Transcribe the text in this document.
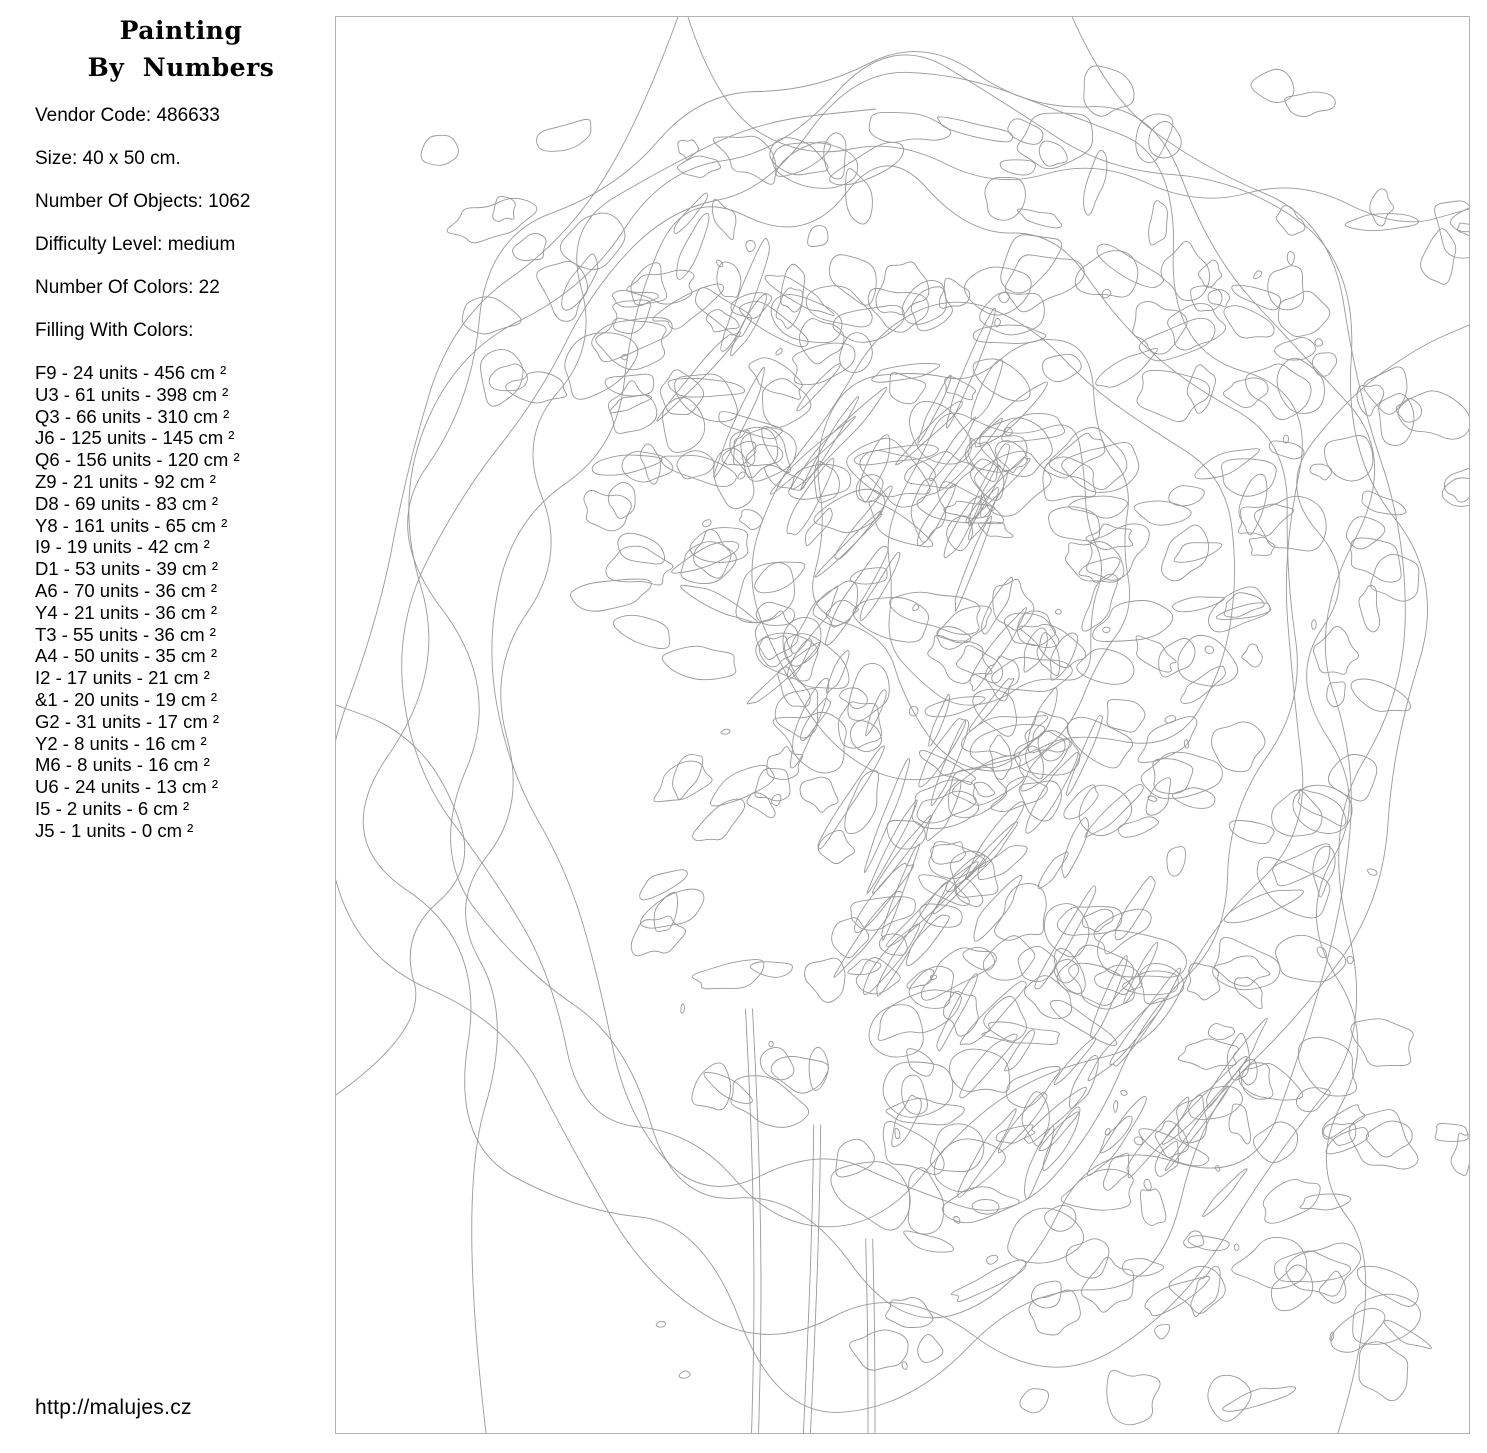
Painting
By  Numbers
Vendor Code: 486633
Size: 40 x 50 cm.
Number Of Objects: 1062
Difficulty Level: medium
Number Of Colors: 22
Filling With Colors:
F9 - 24 units - 456 cm ²
U3 - 61 units - 398 cm ²
Q3 - 66 units - 310 cm ²
J6 - 125 units - 145 cm ²
Q6 - 156 units - 120 cm ²
Z9 - 21 units - 92 cm ²
D8 - 69 units - 83 cm ²
Y8 - 161 units - 65 cm ²
I9 - 19 units - 42 cm ²
D1 - 53 units - 39 cm ²
A6 - 70 units - 36 cm ²
Y4 - 21 units - 36 cm ²
T3 - 55 units - 36 cm ²
A4 - 50 units - 35 cm ²
I2 - 17 units - 21 cm ²
&1 - 20 units - 19 cm ²
G2 - 31 units - 17 cm ²
Y2 - 8 units - 16 cm ²
M6 - 8 units - 16 cm ²
U6 - 24 units - 13 cm ²
I5 - 2 units - 6 cm ²
J5 - 1 units - 0 cm ²
http://malujes.cz
